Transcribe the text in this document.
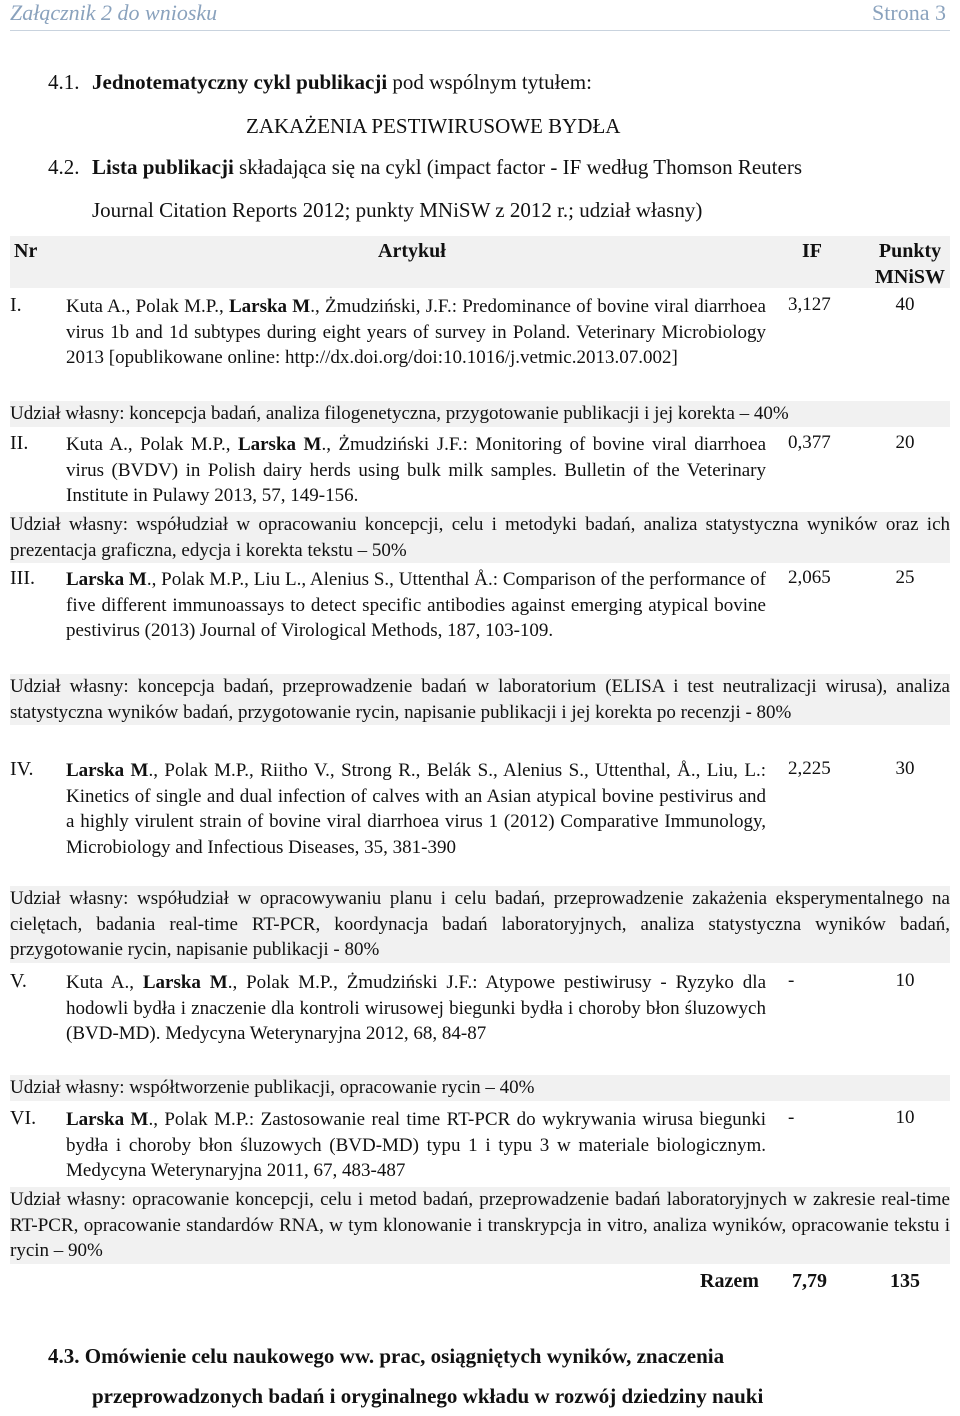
Załącznik 2 do wniosku	Strona 3
4.1. Jednotematyczny cykl publikacji pod wspólnym tytułem:
ZAKAŻENIA PESTIWIRUSOWE BYDŁA
4.2. Lista publikacji składająca się na cykl (impact factor - IF według Thomson Reuters
Journal Citation Reports 2012; punkty MNiSW z 2012 r.; udział własny)
Nr	Artykuł	IF	Punkty
MNiSW
I. Kuta A., Polak M.P., Larska M., Żmudziński, J.F.: Predominance of bovine viral diarrhoea virus 1b and 1d subtypes during eight years of survey in Poland. Veterinary Microbiology 2013 [opublikowane online: http://dx.doi.org/doi:10.1016/j.vetmic.2013.07.002]
3,127	40
Udział własny: koncepcja badań, analiza filogenetyczna, przygotowanie publikacji i jej korekta – 40%
II. Kuta A., Polak M.P., Larska M., Żmudziński J.F.: Monitoring of bovine viral diarrhoea virus (BVDV) in Polish dairy herds using bulk milk samples. Bulletin of the Veterinary Institute in Pulawy 2013, 57, 149-156.
0,377	20
Udział własny: współudział w opracowaniu koncepcji, celu i metodyki badań, analiza statystyczna wyników oraz ich prezentacja graficzna, edycja i korekta tekstu – 50%
III. Larska M., Polak M.P., Liu L., Alenius S., Uttenthal Å.: Comparison of the performance of five different immunoassays to detect specific antibodies against emerging atypical bovine pestivirus (2013) Journal of Virological Methods, 187, 103-109.
2,065	25
Udział własny: koncepcja badań, przeprowadzenie badań w laboratorium (ELISA i test neutralizacji wirusa), analiza statystyczna wyników badań, przygotowanie rycin, napisanie publikacji i jej korekta po recenzji - 80%
IV. Larska M., Polak M.P., Riitho V., Strong R., Belák S., Alenius S., Uttenthal, Å., Liu, L.: Kinetics of single and dual infection of calves with an Asian atypical bovine pestivirus and a highly virulent strain of bovine viral diarrhoea virus 1 (2012) Comparative Immunology, Microbiology and Infectious Diseases, 35, 381-390
2,225	30
Udział własny: współudział w opracowywaniu planu i celu badań, przeprowadzenie zakażenia eksperymentalnego na cielętach, badania real-time RT-PCR, koordynacja badań laboratoryjnych, analiza statystyczna wyników badań, przygotowanie rycin, napisanie publikacji - 80%
V. Kuta A., Larska M., Polak M.P., Żmudziński J.F.: Atypowe pestiwirusy - Ryzyko dla hodowli bydła i znaczenie dla kontroli wirusowej biegunki bydła i choroby błon śluzowych (BVD-MD). Medycyna Weterynaryjna 2012, 68, 84-87
-	10
Udział własny: współtworzenie publikacji, opracowanie rycin – 40%
VI. Larska M., Polak M.P.: Zastosowanie real time RT-PCR do wykrywania wirusa biegunki bydła i choroby błon śluzowych (BVD-MD) typu 1 i typu 3 w materiale biologicznym. Medycyna Weterynaryjna 2011, 67, 483-487
-	10
Udział własny: opracowanie koncepcji, celu i metod badań, przeprowadzenie badań laboratoryjnych w zakresie real-time RT-PCR, opracowanie standardów RNA, w tym klonowanie i transkrypcja in vitro, analiza wyników, opracowanie tekstu i rycin – 90%
Razem 7,79	135
4.3. Omówienie celu naukowego ww. prac, osiągniętych wyników, znaczenia
przeprowadzonych badań i oryginalnego wkładu w rozwój dziedziny nauki
